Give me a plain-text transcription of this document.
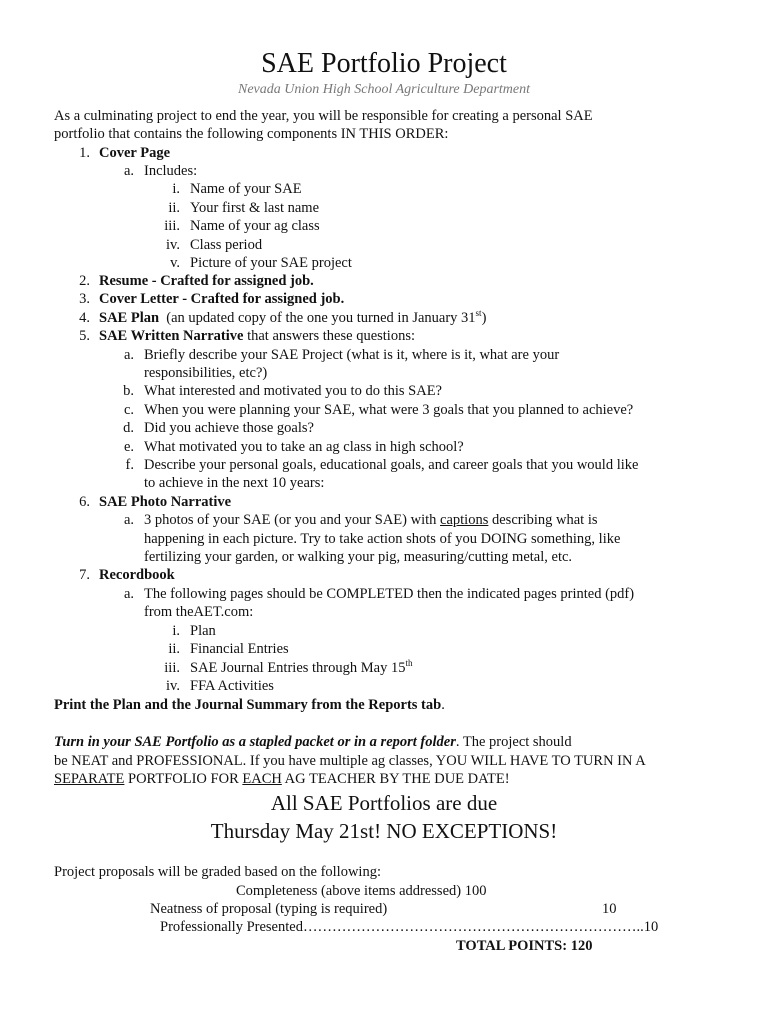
SAE Portfolio Project
Nevada Union High School Agriculture Department
As a culminating project to end the year, you will be responsible for creating a personal SAE
portfolio that contains the following components IN THIS ORDER:
1. Cover Page
a. Includes:
i. Name of your SAE
ii. Your first & last name
iii. Name of your ag class
iv. Class period
v. Picture of your SAE project
2. Resume - Crafted for assigned job.
3. Cover Letter - Crafted for assigned job.
4. SAE Plan  (an updated copy of the one you turned in January 31st)
5. SAE Written Narrative that answers these questions:
a. Briefly describe your SAE Project (what is it, where is it, what are your
responsibilities, etc?)
b. What interested and motivated you to do this SAE?
c. When you were planning your SAE, what were 3 goals that you planned to achieve?
d. Did you achieve those goals?
e. What motivated you to take an ag class in high school?
f. Describe your personal goals, educational goals, and career goals that you would like
to achieve in the next 10 years:
6. SAE Photo Narrative
a. 3 photos of your SAE (or you and your SAE) with captions describing what is
happening in each picture. Try to take action shots of you DOING something, like
fertilizing your garden, or walking your pig, measuring/cutting metal, etc.
7. Recordbook
a. The following pages should be COMPLETED then the indicated pages printed (pdf)
from theAET.com:
i. Plan
ii. Financial Entries
iii. SAE Journal Entries through May 15th
iv. FFA Activities
Print the Plan and the Journal Summary from the Reports tab.
Turn in your SAE Portfolio as a stapled packet or in a report folder. The project should
be NEAT and PROFESSIONAL. If you have multiple ag classes, YOU WILL HAVE TO TURN IN A
SEPARATE PORTFOLIO FOR EACH AG TEACHER BY THE DUE DATE!
All SAE Portfolios are due
Thursday May 21st! NO EXCEPTIONS!
Project proposals will be graded based on the following:
Completeness (above items addressed) 100
Neatness of proposal (typing is required)	10
Professionally Presented……………………………………………………………..10
TOTAL POINTS: 120
